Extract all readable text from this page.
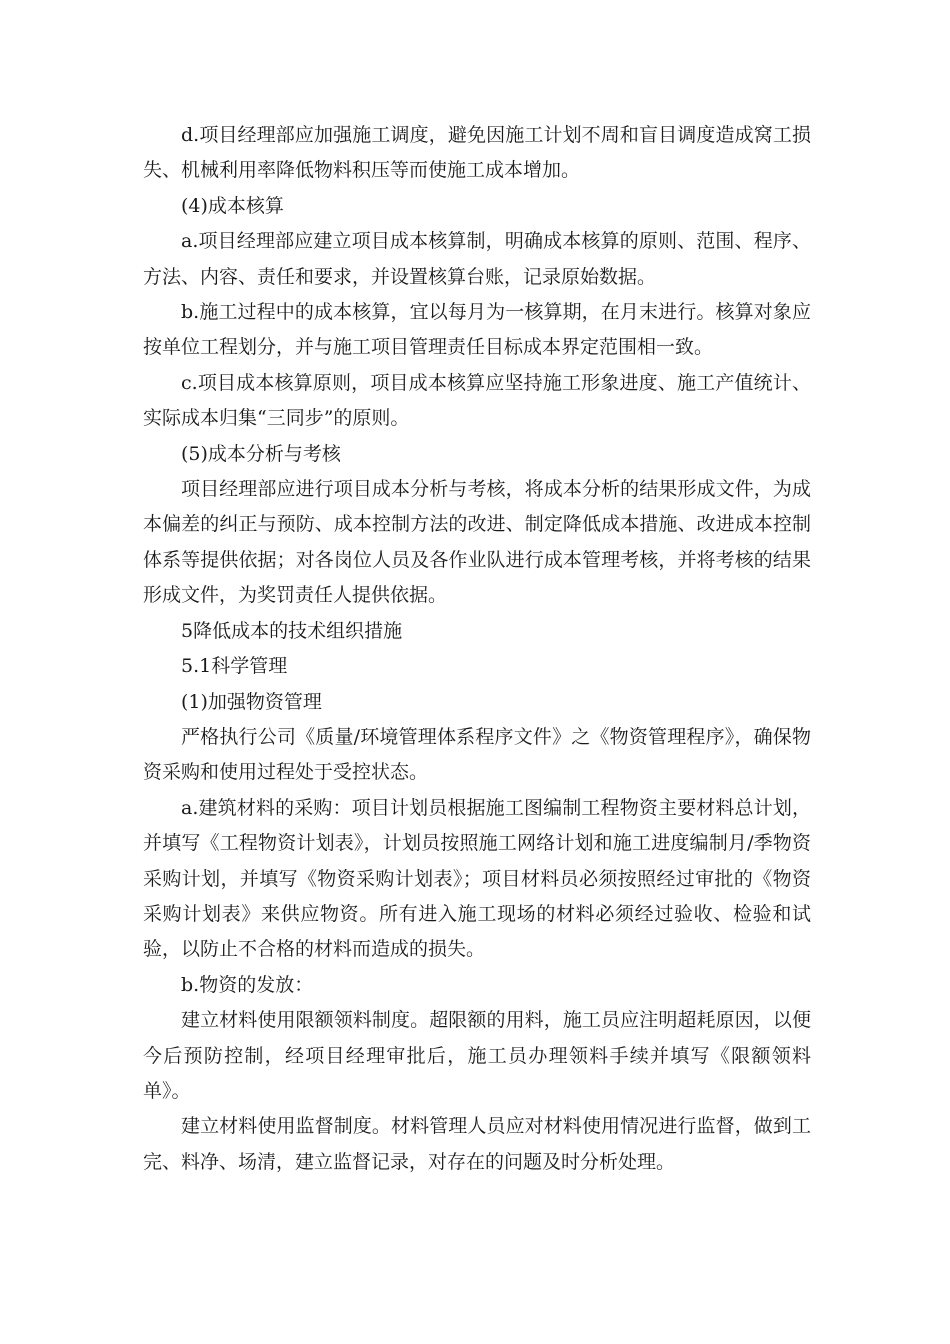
d.项目经理部应加强施工调度，避免因施工计划不周和盲目调度造成窝工损失、机械利用率降低物料积压等而使施工成本增加。

(4)成本核算

a.项目经理部应建立项目成本核算制，明确成本核算的原则、范围、程序、方法、内容、责任和要求，并设置核算台账，记录原始数据。

b.施工过程中的成本核算，宜以每月为一核算期，在月末进行。核算对象应按单位工程划分，并与施工项目管理责任目标成本界定范围相一致。

c.项目成本核算原则，项目成本核算应坚持施工形象进度、施工产值统计、实际成本归集“三同步”的原则。

(5)成本分析与考核

项目经理部应进行项目成本分析与考核，将成本分析的结果形成文件，为成本偏差的纠正与预防、成本控制方法的改进、制定降低成本措施、改进成本控制体系等提供依据；对各岗位人员及各作业队进行成本管理考核，并将考核的结果形成文件，为奖罚责任人提供依据。

5降低成本的技术组织措施

5.1科学管理

(1)加强物资管理

严格执行公司《质量/环境管理体系程序文件》之《物资管理程序》，确保物资采购和使用过程处于受控状态。

a.建筑材料的采购：项目计划员根据施工图编制工程物资主要材料总计划，并填写《工程物资计划表》，计划员按照施工网络计划和施工进度编制月/季物资采购计划，并填写《物资采购计划表》；项目材料员必须按照经过审批的《物资采购计划表》来供应物资。所有进入施工现场的材料必须经过验收、检验和试验，以防止不合格的材料而造成的损失。

b.物资的发放：

建立材料使用限额领料制度。超限额的用料，施工员应注明超耗原因，以便今后预防控制，经项目经理审批后，施工员办理领料手续并填写《限额领料单》。

建立材料使用监督制度。材料管理人员应对材料使用情况进行监督，做到工完、料净、场清，建立监督记录，对存在的问题及时分析处理。
